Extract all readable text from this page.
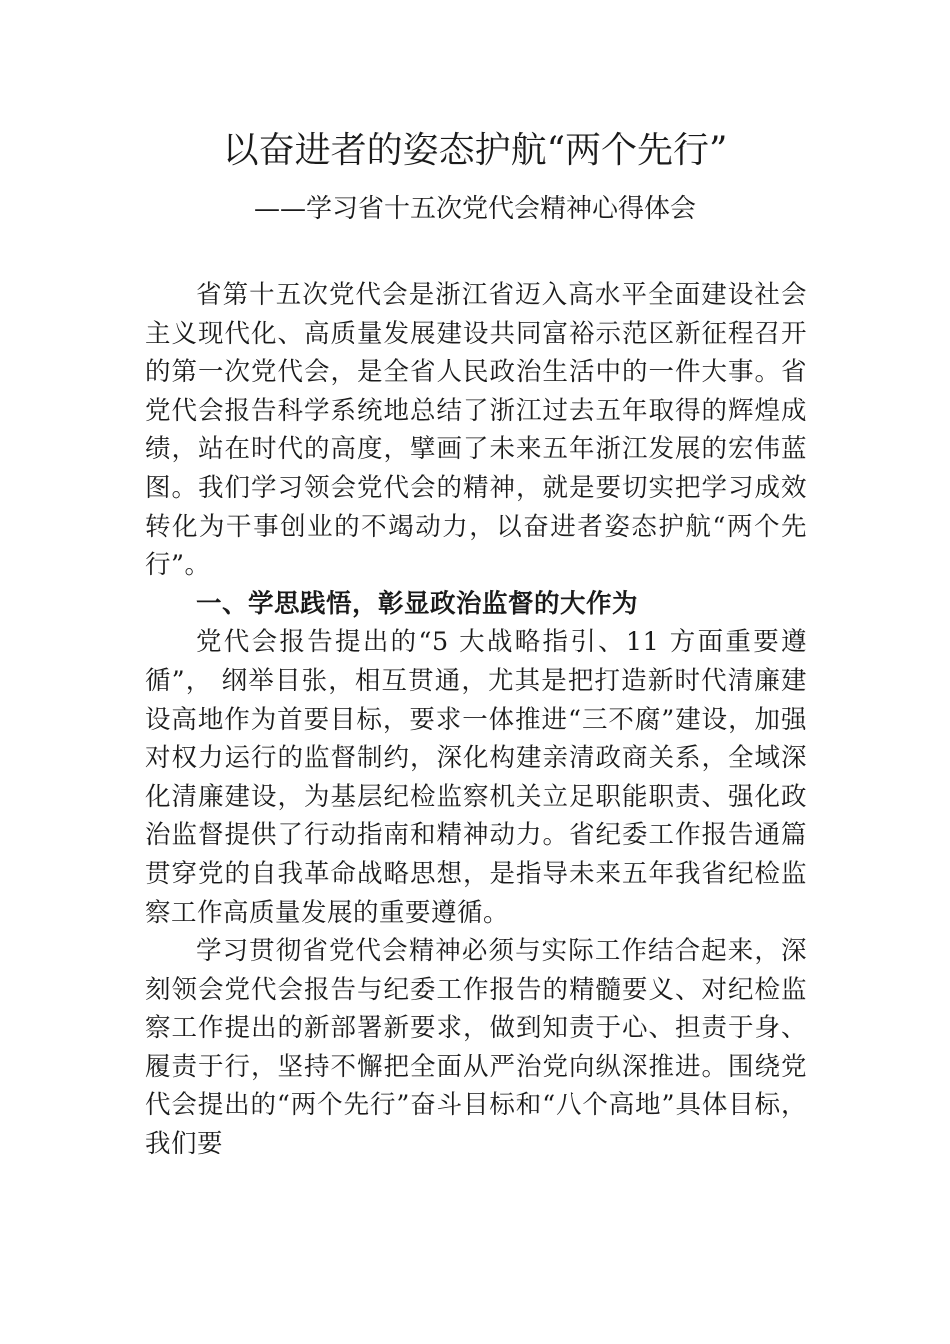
以奋进者的姿态护航“两个先行”
——学习省十五次党代会精神心得体会

省第十五次党代会是浙江省迈入高水平全面建设社会主义现代化、高质量发展建设共同富裕示范区新征程召开的第一次党代会，是全省人民政治生活中的一件大事。省党代会报告科学系统地总结了浙江过去五年取得的辉煌成绩，站在时代的高度，擘画了未来五年浙江发展的宏伟蓝图。我们学习领会党代会的精神，就是要切实把学习成效转化为干事创业的不竭动力，以奋进者姿态护航“两个先行”。

一、学思践悟，彰显政治监督的大作为

党代会报告提出的“5 大战略指引、11 方面重要遵循”， 纲举目张，相互贯通，尤其是把打造新时代清廉建设高地作为首要目标，要求一体推进“三不腐”建设，加强对权力运行的监督制约，深化构建亲清政商关系，全域深化清廉建设，为基层纪检监察机关立足职能职责、强化政治监督提供了行动指南和精神动力。省纪委工作报告通篇贯穿党的自我革命战略思想，是指导未来五年我省纪检监察工作高质量发展的重要遵循。

学习贯彻省党代会精神必须与实际工作结合起来，深刻领会党代会报告与纪委工作报告的精髓要义、对纪检监察工作提出的新部署新要求，做到知责于心、担责于身、履责于行，坚持不懈把全面从严治党向纵深推进。围绕党代会提出的“两个先行”奋斗目标和“八个高地”具体目标，我们要
